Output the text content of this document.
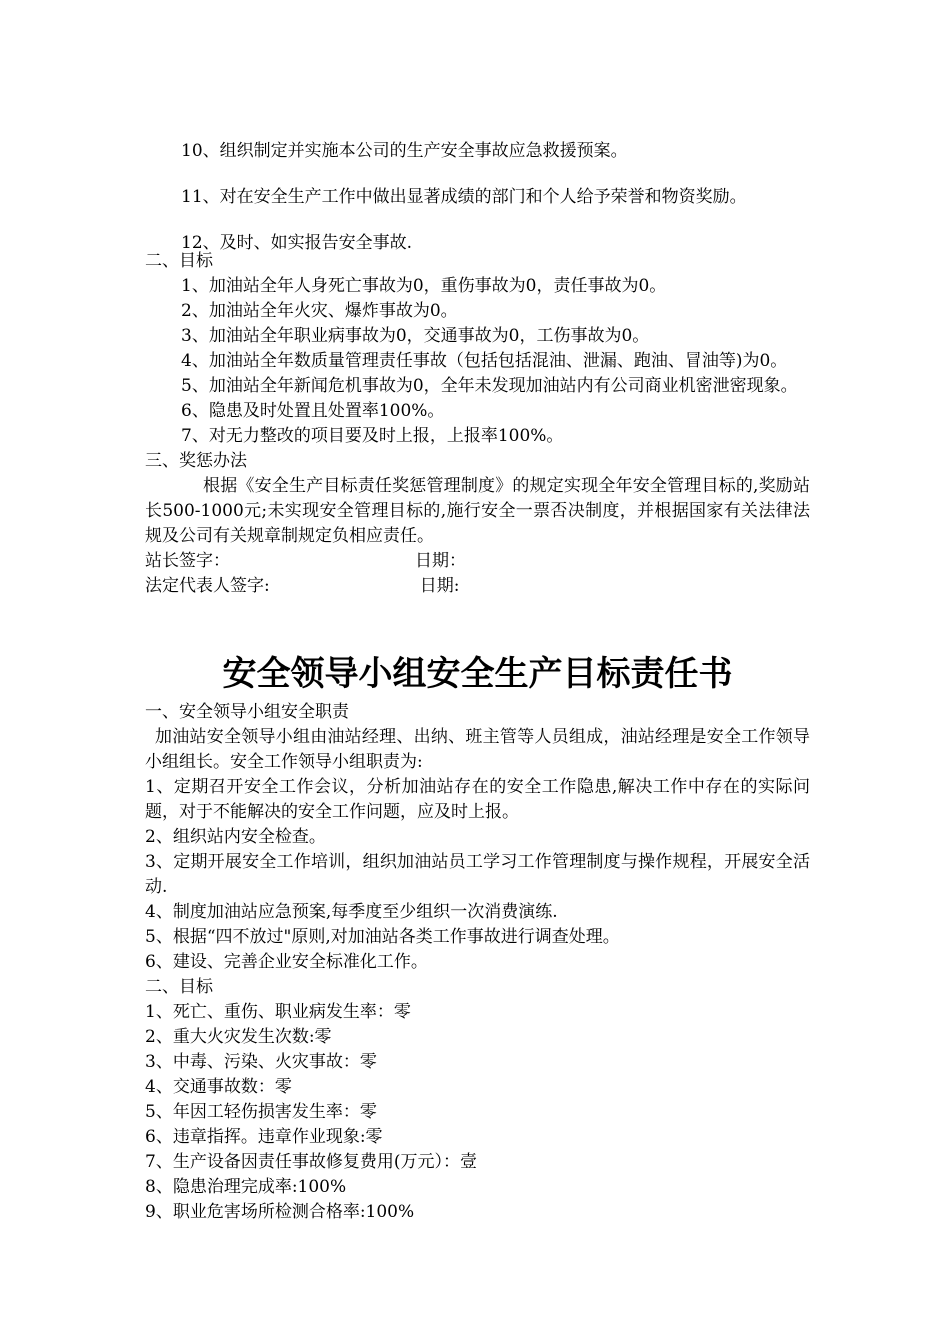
10、组织制定并实施本公司的生产安全事故应急救援预案。

11、对在安全生产工作中做出显著成绩的部门和个人给予荣誉和物资奖励。

12、及时、如实报告安全事故.

二、目标

1、加油站全年人身死亡事故为0，重伤事故为0，责任事故为0。

2、加油站全年火灾、爆炸事故为0。

3、加油站全年职业病事故为0，交通事故为0，工伤事故为0。

4、加油站全年数质量管理责任事故（包括包括混油、泄漏、跑油、冒油等)为0。

5、加油站全年新闻危机事故为0，全年未发现加油站内有公司商业机密泄密现象。

6、隐患及时处置且处置率100%。

7、对无力整改的项目要及时上报，上报率100%。

三、奖惩办法

根据《安全生产目标责任奖惩管理制度》的规定实现全年安全管理目标的,奖励站长500-1000元;未实现安全管理目标的,施行安全一票否决制度，并根据国家有关法律法规及公司有关规章制规定负相应责任。

站长签字：	日期：

法定代表人签字:	日期:

安全领导小组安全生产目标责任书

一、安全领导小组安全职责

加油站安全领导小组由油站经理、出纳、班主管等人员组成，油站经理是安全工作领导小组组长。安全工作领导小组职责为:

1、定期召开安全工作会议，分析加油站存在的安全工作隐患,解决工作中存在的实际问题，对于不能解决的安全工作问题，应及时上报。

2、组织站内安全检查。

3、定期开展安全工作培训，组织加油站员工学习工作管理制度与操作规程，开展安全活动.

4、制度加油站应急预案,每季度至少组织一次消费演练.

5、根据“四不放过"原则,对加油站各类工作事故进行调查处理。

6、建设、完善企业安全标准化工作。

二、目标

1、死亡、重伤、职业病发生率：零

2、重大火灾发生次数:零

3、中毒、污染、火灾事故：零

4、交通事故数：零

5、年因工轻伤损害发生率：零

6、违章指挥。违章作业现象:零

7、生产设备因责任事故修复费用(万元）：壹

8、隐患治理完成率:100%

9、职业危害场所检测合格率:100%
